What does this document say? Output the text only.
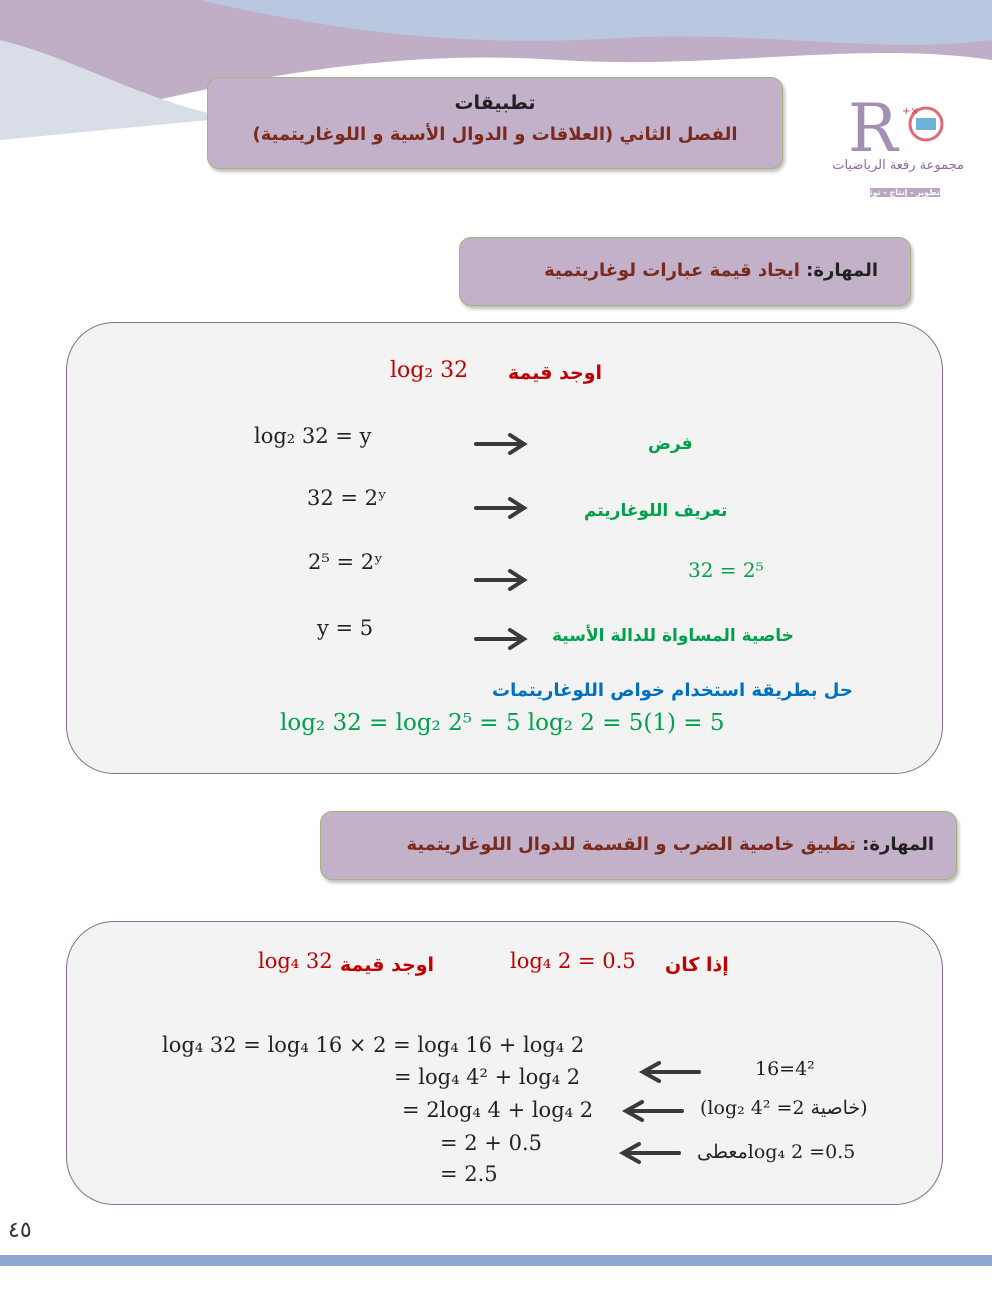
تطبيقات
الفصل الثاني (العلاقات و الدوال الأسية و اللوغاريتمية)	R +×
مجموعة رفعة الرياضيات
تطوير - إنتاج - توثيق
المهارة: ايجاد قيمة عبارات لوغاريتمية
اوجد قيمة
log₂ 32
log₂ 32 = y
32 = 2ʸ
2⁵ = 2ʸ
y = 5
فرض
تعريف اللوغاريتم
32 = 2⁵
خاصية المساواة للدالة الأسية
حل بطريقة استخدام خواص اللوغاريتمات
log₂ 32 = log₂ 2⁵ = 5 log₂ 2 = 5(1) = 5
المهارة: تطبيق خاصية الضرب و القسمة للدوال اللوغاريتمية
إذا كان
log₄ 2 = 0.5
اوجد قيمة
log₄ 32
log₄ 32 = log₄ 16 × 2 = log₄ 16 + log₄ 2
= log₄ 4² + log₄ 2
= 2log₄ 4 + log₄ 2
= 2 + 0.5
= 2.5
16=4²
(خاصية log₂ 4² =2)
log₄ 2 =0.5معطى
٤٥
